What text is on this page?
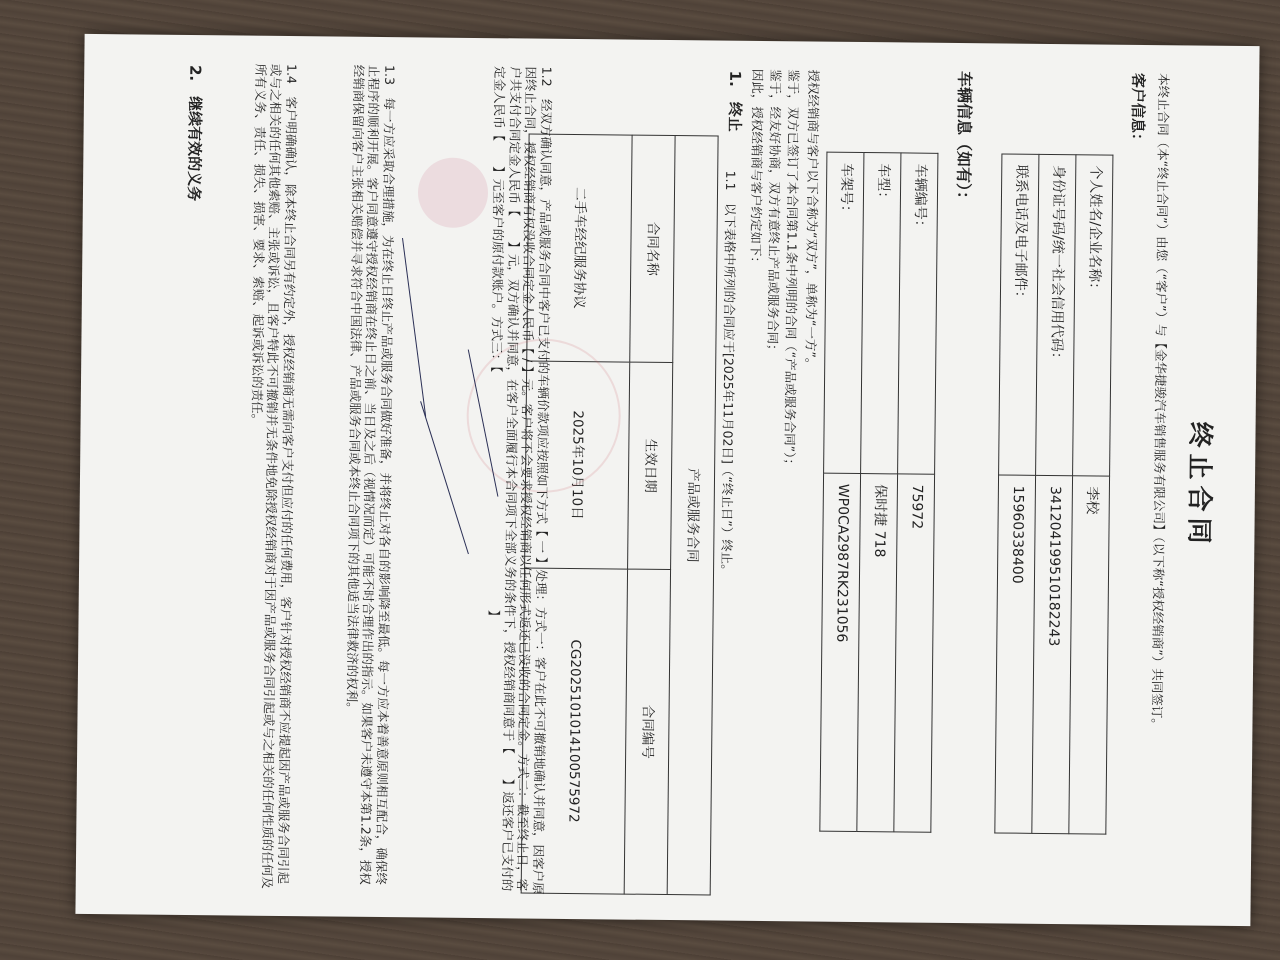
终止合同
本终止合同（本“终止合同”）由您（“客户”）与【金华捷骏汽车销售服务有限公司】（以下称“授权经销商”）共同签订。
客户信息：
个人姓名/企业名称：	李校
身份证号码/统一社会信用代码：	341204199510182243
联系电话及电子邮件：	15960338400
车辆信息（如有）：
车辆编号：	75972
车型：	保时捷 718
车架号：	WP0CA2987RK231056
授权经销商与客户以下合称为“双方”，单称为“一方”。
鉴于，双方已签订了本合同第1.1条中列明的合同（“产品或服务合同”）；
鉴于，经友好协商，双方有意终止产品或服务合同；
因此，授权经销商与客户约定如下：
1.　终止
1.1　以下表格中所列的合同应于[2025年11月02日]（“终止日”）终止。
产品或服务合同		
合同名称	生效日期	合同编号
二手车经纪服务协议	2025年10月10日	CG20251010141005​75972
1.2　经双方确认同意，产品或服务合同中客户已支付的车辆价款项应按照如下方式【 一 】处理：方式一：客户在此不可撤销地确认并同意，因客户原因终止合同，授权经销商有权没收合同定金人民币【 / 】元。客户将不会要求授权经销商以任何形式返还已没收的合同定金。方式二：截至终止日，客户共支付合同定金人民币【　　】元，双方确认并同意，在客户全面履行本合同项下全部义务的条件下，授权经销商同意于【　　】返还客户已支付的定金人民币【　　】元至客户的原付款账户。方式三：【　　　　　　　　　　　　　　　　　　　】
1.3　每一方应采取合理措施，为在终止日终止产品或服务合同做好准备，并将终止对各自的影响降至最低。每一方应本着善意原则相互配合，确保终止程序的顺利开展。客户同意遵守授权经销商在终止日之前、当日及之后（视情况而定）可能不时合理作出的指示。如果客户未遵守本第1.2条，授权经销商保留向客户主张相关赔偿并寻求符合中国法律、产品或服务合同或本终止合同项下的其他适当法律救济的权利。
1.4　客户明确确认，除本终止合同另有约定外，授权经销商无需向客户支付但应付的任何费用，客户针对授权经销商不应提起因产品或服务合同引起或与之相关的任何其他索赔、主张或诉讼，且客户特此不可撤销并无条件地免除授权经销商对于因产品或服务合同引起或与之相关的任何性质的任何及所有义务、责任、损失、损害、要求、索赔、起诉或诉讼的责任。
2.　继续有效的义务
